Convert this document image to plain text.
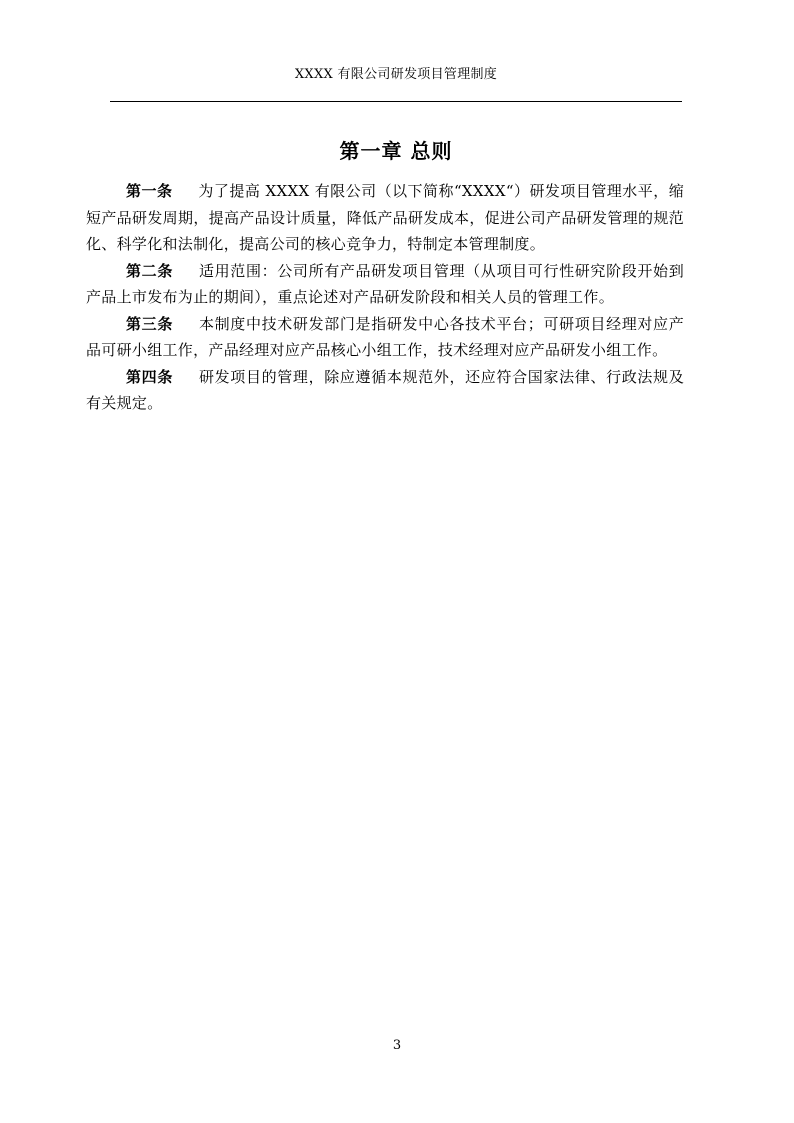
XXXX 有限公司研发项目管理制度
第一章 总则

第一条 为了提高 XXXX 有限公司（以下简称“XXXX“）研发项目管理水平，缩短产品研发周期，提高产品设计质量，降低产品研发成本，促进公司产品研发管理的规范化、科学化和法制化，提高公司的核心竞争力，特制定本管理制度。

第二条 适用范围：公司所有产品研发项目管理（从项目可行性研究阶段开始到产品上市发布为止的期间），重点论述对产品研发阶段和相关人员的管理工作。

第三条 本制度中技术研发部门是指研发中心各技术平台；可研项目经理对应产品可研小组工作，产品经理对应产品核心小组工作，技术经理对应产品研发小组工作。

第四条 研发项目的管理，除应遵循本规范外，还应符合国家法律、行政法规及有关规定。

3
